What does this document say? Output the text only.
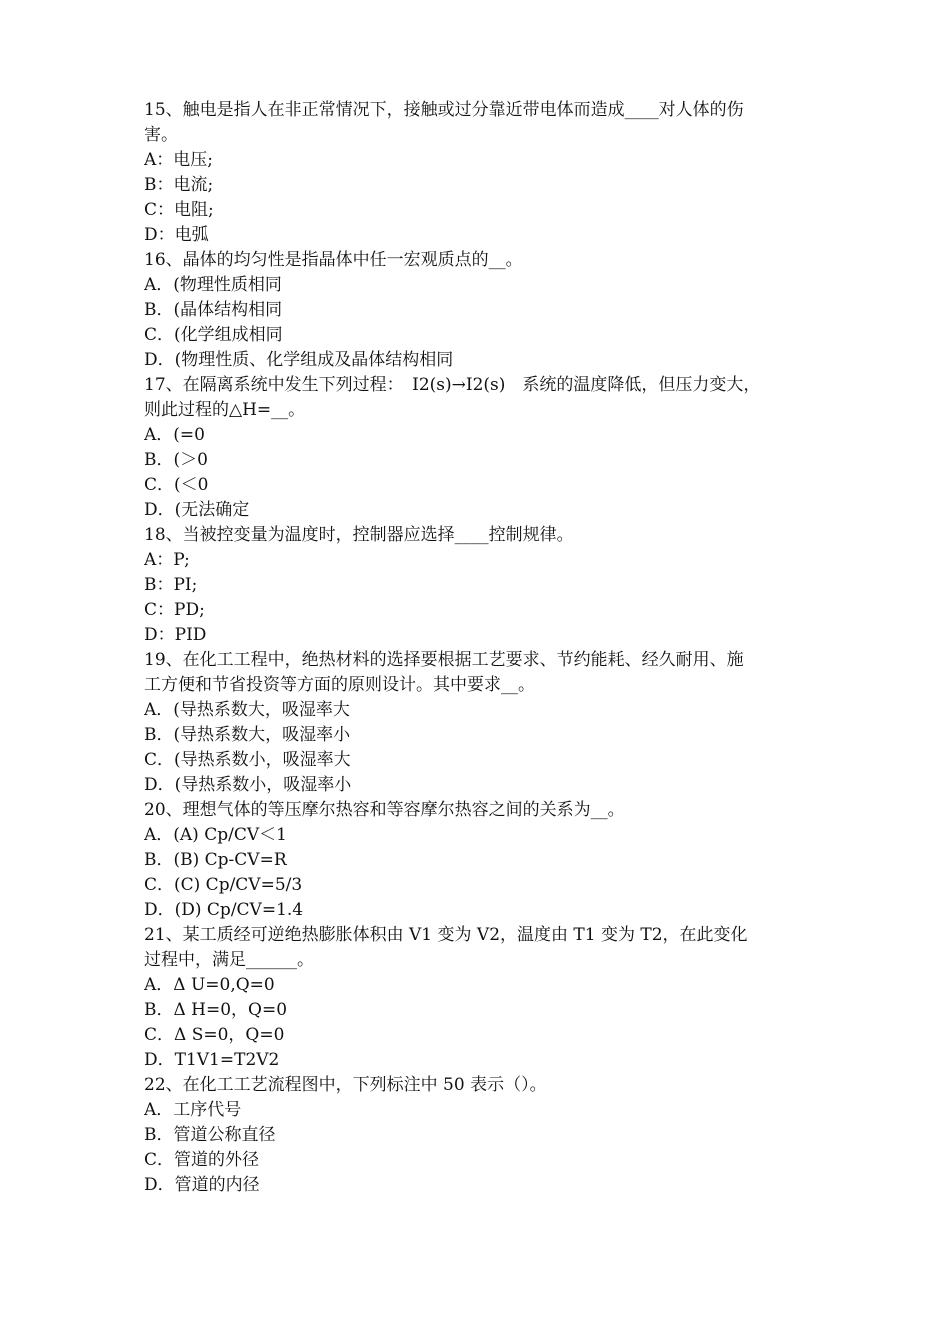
15、触电是指人在非正常情况下，接触或过分靠近带电体而造成____对人体的伤
害。
A：电压;
B：电流;
C：电阻;
D：电弧
16、晶体的均匀性是指晶体中任一宏观质点的__。
A．(物理性质相同
B．(晶体结构相同
C．(化学组成相同
D．(物理性质、化学组成及晶体结构相同
17、在隔离系统中发生下列过程：　I2(s)→I2(s)　系统的温度降低，但压力变大，
则此过程的△H=__。
A．(=0
B．(＞0
C．(＜0
D．(无法确定
18、当被控变量为温度时，控制器应选择____控制规律。
A：P;
B：PI;
C：PD;
D：PID
19、在化工工程中，绝热材料的选择要根据工艺要求、节约能耗、经久耐用、施
工方便和节省投资等方面的原则设计。其中要求__。
A．(导热系数大，吸湿率大
B．(导热系数大，吸湿率小
C．(导热系数小，吸湿率大
D．(导热系数小，吸湿率小
20、理想气体的等压摩尔热容和等容摩尔热容之间的关系为__。
A．(A) Cp/CV＜1
B．(B) Cp-CV=R
C．(C) Cp/CV=5/3
D．(D) Cp/CV=1.4
21、某工质经可逆绝热膨胀体积由 V1 变为 V2，温度由 T1 变为 T2，在此变化
过程中，满足______。
A．Δ U=0,Q=0
B．Δ H=0，Q=0
C．Δ S=0，Q=0
D．T1V1=T2V2
22、在化工工艺流程图中，下列标注中 50 表示（）。
A．工序代号
B．管道公称直径
C．管道的外径
D．管道的内径
